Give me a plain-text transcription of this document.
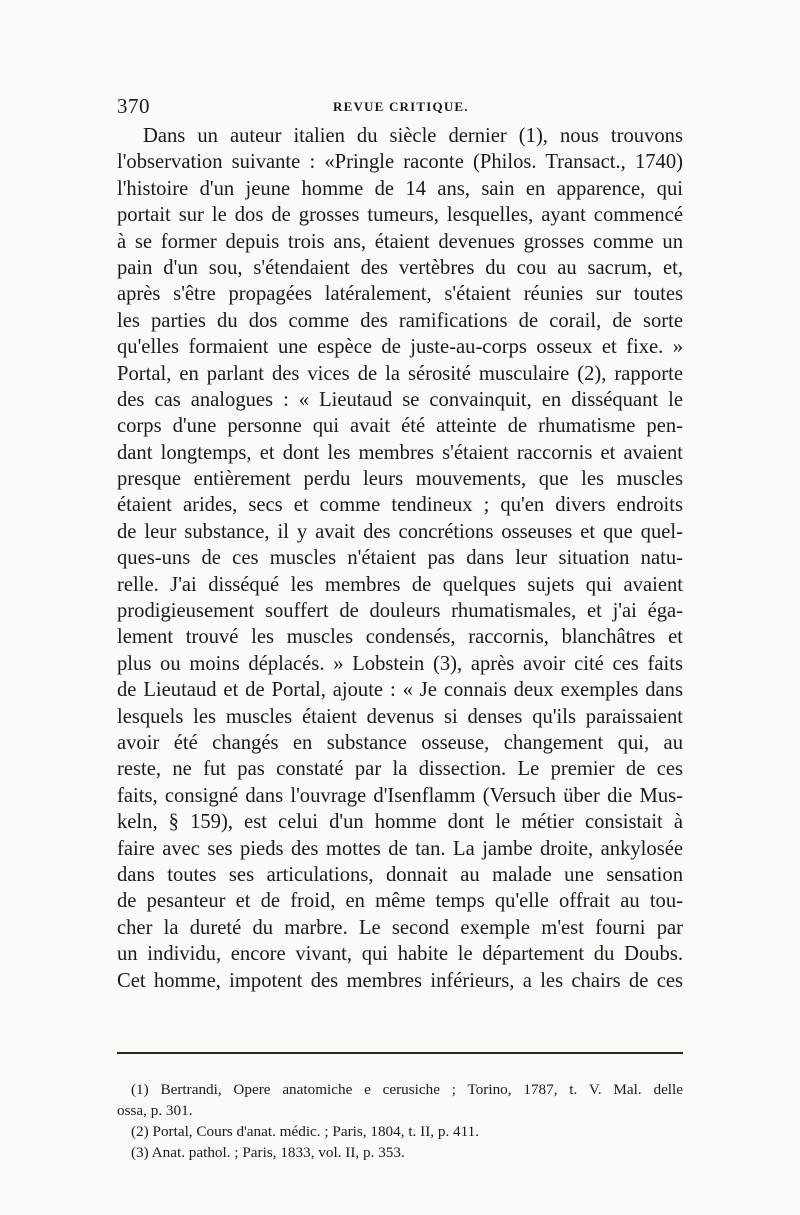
370	REVUE CRITIQUE.
Dans un auteur italien du siècle dernier (1), nous trouvons
l'observation suivante : «Pringle raconte (Philos. Transact., 1740)
l'histoire d'un jeune homme de 14 ans, sain en apparence, qui
portait sur le dos de grosses tumeurs, lesquelles, ayant commencé
à se former depuis trois ans, étaient devenues grosses comme un
pain d'un sou, s'étendaient des vertèbres du cou au sacrum, et,
après s'être propagées latéralement, s'étaient réunies sur toutes
les parties du dos comme des ramifications de corail, de sorte
qu'elles formaient une espèce de juste-au-corps osseux et fixe. »
Portal, en parlant des vices de la sérosité musculaire (2), rapporte
des cas analogues : « Lieutaud se convainquit, en disséquant le
corps d'une personne qui avait été atteinte de rhumatisme pen-
dant longtemps, et dont les membres s'étaient raccornis et avaient
presque entièrement perdu leurs mouvements, que les muscles
étaient arides, secs et comme tendineux ; qu'en divers endroits
de leur substance, il y avait des concrétions osseuses et que quel-
ques-uns de ces muscles n'étaient pas dans leur situation natu-
relle. J'ai disséqué les membres de quelques sujets qui avaient
prodigieusement souffert de douleurs rhumatismales, et j'ai éga-
lement trouvé les muscles condensés, raccornis, blanchâtres et
plus ou moins déplacés. » Lobstein (3), après avoir cité ces faits
de Lieutaud et de Portal, ajoute : « Je connais deux exemples dans
lesquels les muscles étaient devenus si denses qu'ils paraissaient
avoir été changés en substance osseuse, changement qui, au
reste, ne fut pas constaté par la dissection. Le premier de ces
faits, consigné dans l'ouvrage d'Isenflamm (Versuch über die Mus-
keln, § 159), est celui d'un homme dont le métier consistait à
faire avec ses pieds des mottes de tan. La jambe droite, ankylosée
dans toutes ses articulations, donnait au malade une sensation
de pesanteur et de froid, en même temps qu'elle offrait au tou-
cher la dureté du marbre. Le second exemple m'est fourni par
un individu, encore vivant, qui habite le département du Doubs.
Cet homme, impotent des membres inférieurs, a les chairs de ces
(1) Bertrandi, Opere anatomiche e cerusiche ; Torino, 1787, t. V. Mal. delle
ossa, p. 301.
(2) Portal, Cours d'anat. médic. ; Paris, 1804, t. II, p. 411.
(3) Anat. pathol. ; Paris, 1833, vol. II, p. 353.
